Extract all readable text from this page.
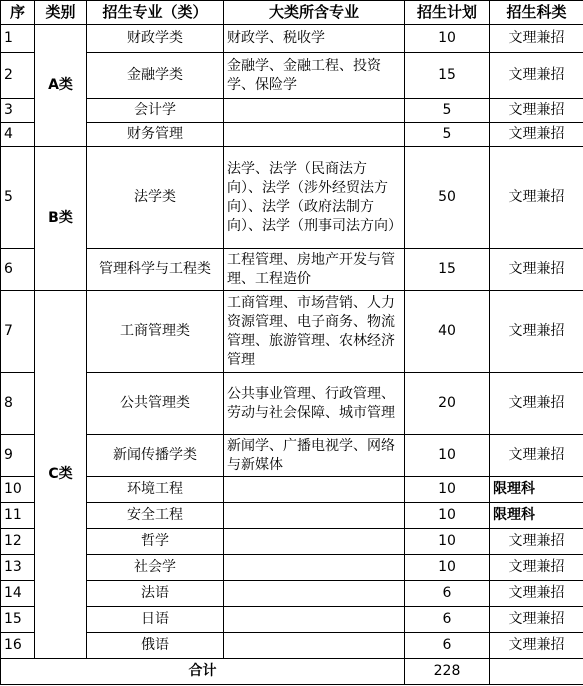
序	类别	招生专业（类）	大类所含专业	招生计划	招生科类
1	A类	财政学类	财政学、税收学	10	文理兼招
2		金融学类	金融学、金融工程、投资学、保险学	15	文理兼招
3		会计学		5	文理兼招
4		财务管理		5	文理兼招
5	B类	法学类	法学、法学（民商法方向）、法学（涉外经贸法方向）、法学（政府法制方向）、法学（刑事司法方向）	50	文理兼招
6		管理科学与工程类	工程管理、房地产开发与管理、工程造价	15	文理兼招
7	C类	工商管理类	工商管理、市场营销、人力资源管理、电子商务、物流管理、旅游管理、农林经济管理	40	文理兼招
8		公共管理类	公共事业管理、行政管理、劳动与社会保障、城市管理	20	文理兼招
9		新闻传播学类	新闻学、广播电视学、网络与新媒体	10	文理兼招
10		环境工程		10	限理科
11		安全工程		10	限理科
12		哲学		10	文理兼招
13		社会学		10	文理兼招
14		法语		6	文理兼招
15		日语		6	文理兼招
16		俄语		6	文理兼招
合计				228	
